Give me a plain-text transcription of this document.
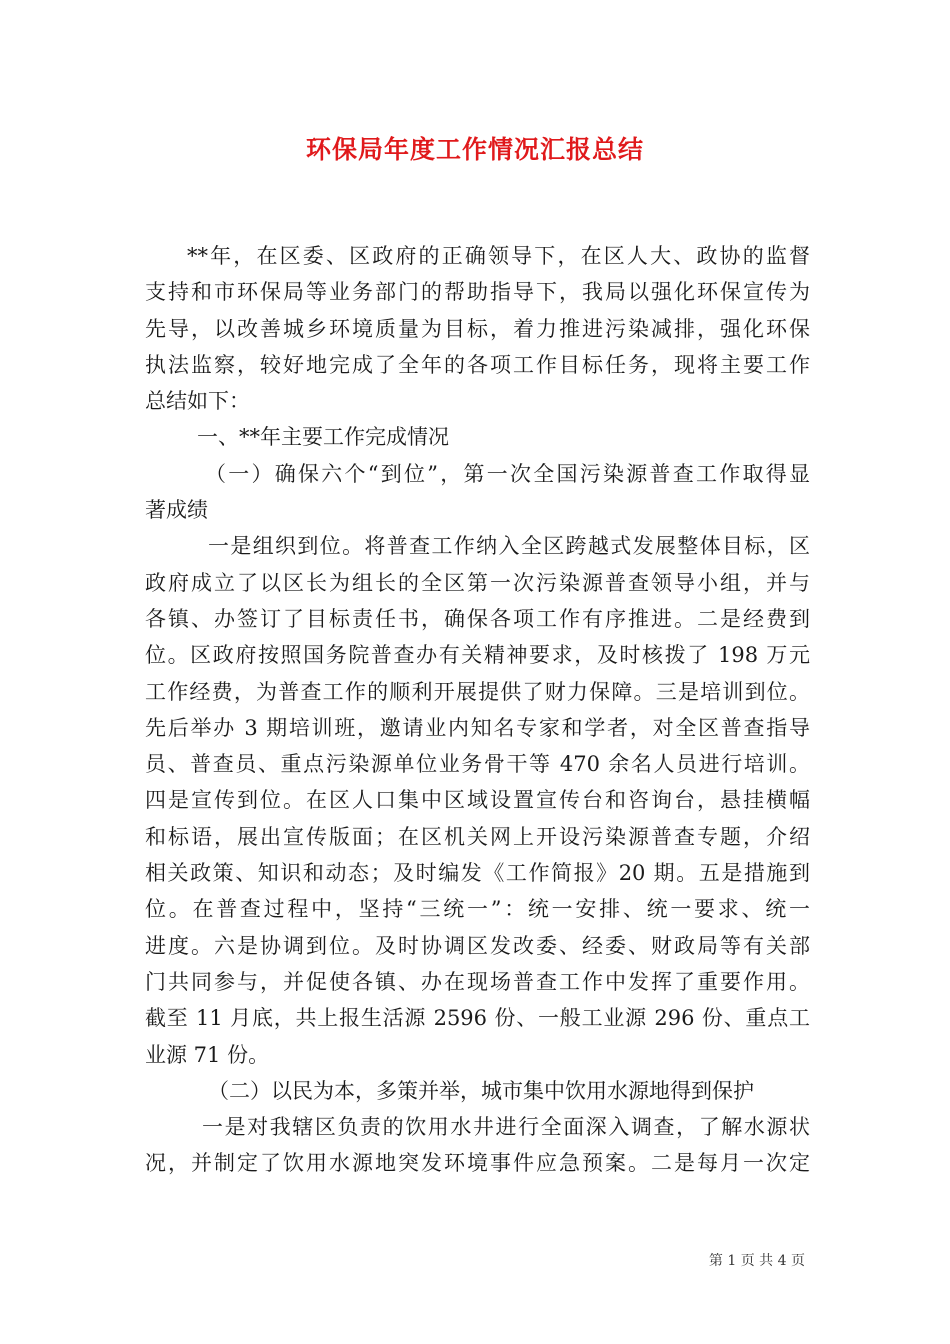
环保局年度工作情况汇报总结
**年，在区委、区政府的正确领导下，在区人大、政协的监督
支持和市环保局等业务部门的帮助指导下，我局以强化环保宣传为
先导，以改善城乡环境质量为目标，着力推进污染减排，强化环保
执法监察，较好地完成了全年的各项工作目标任务，现将主要工作
总结如下：
一、**年主要工作完成情况
（一）确保六个“到位”，第一次全国污染源普查工作取得显
著成绩
一是组织到位。将普查工作纳入全区跨越式发展整体目标，区
政府成立了以区长为组长的全区第一次污染源普查领导小组，并与
各镇、办签订了目标责任书，确保各项工作有序推进。二是经费到
位。区政府按照国务院普查办有关精神要求，及时核拨了 198 万元
工作经费，为普查工作的顺利开展提供了财力保障。三是培训到位。
先后举办 3 期培训班，邀请业内知名专家和学者，对全区普查指导
员、普查员、重点污染源单位业务骨干等 470 余名人员进行培训。
四是宣传到位。在区人口集中区域设置宣传台和咨询台，悬挂横幅
和标语，展出宣传版面；在区机关网上开设污染源普查专题，介绍
相关政策、知识和动态；及时编发《工作简报》20 期。五是措施到
位。在普查过程中，坚持“三统一”：统一安排、统一要求、统一
进度。六是协调到位。及时协调区发改委、经委、财政局等有关部
门共同参与，并促使各镇、办在现场普查工作中发挥了重要作用。
截至 11 月底，共上报生活源 2596 份、一般工业源 296 份、重点工
业源 71 份。
（二）以民为本，多策并举，城市集中饮用水源地得到保护
一是对我辖区负责的饮用水井进行全面深入调查，了解水源状
况，并制定了饮用水源地突发环境事件应急预案。二是每月一次定
第 1 页 共 4 页
